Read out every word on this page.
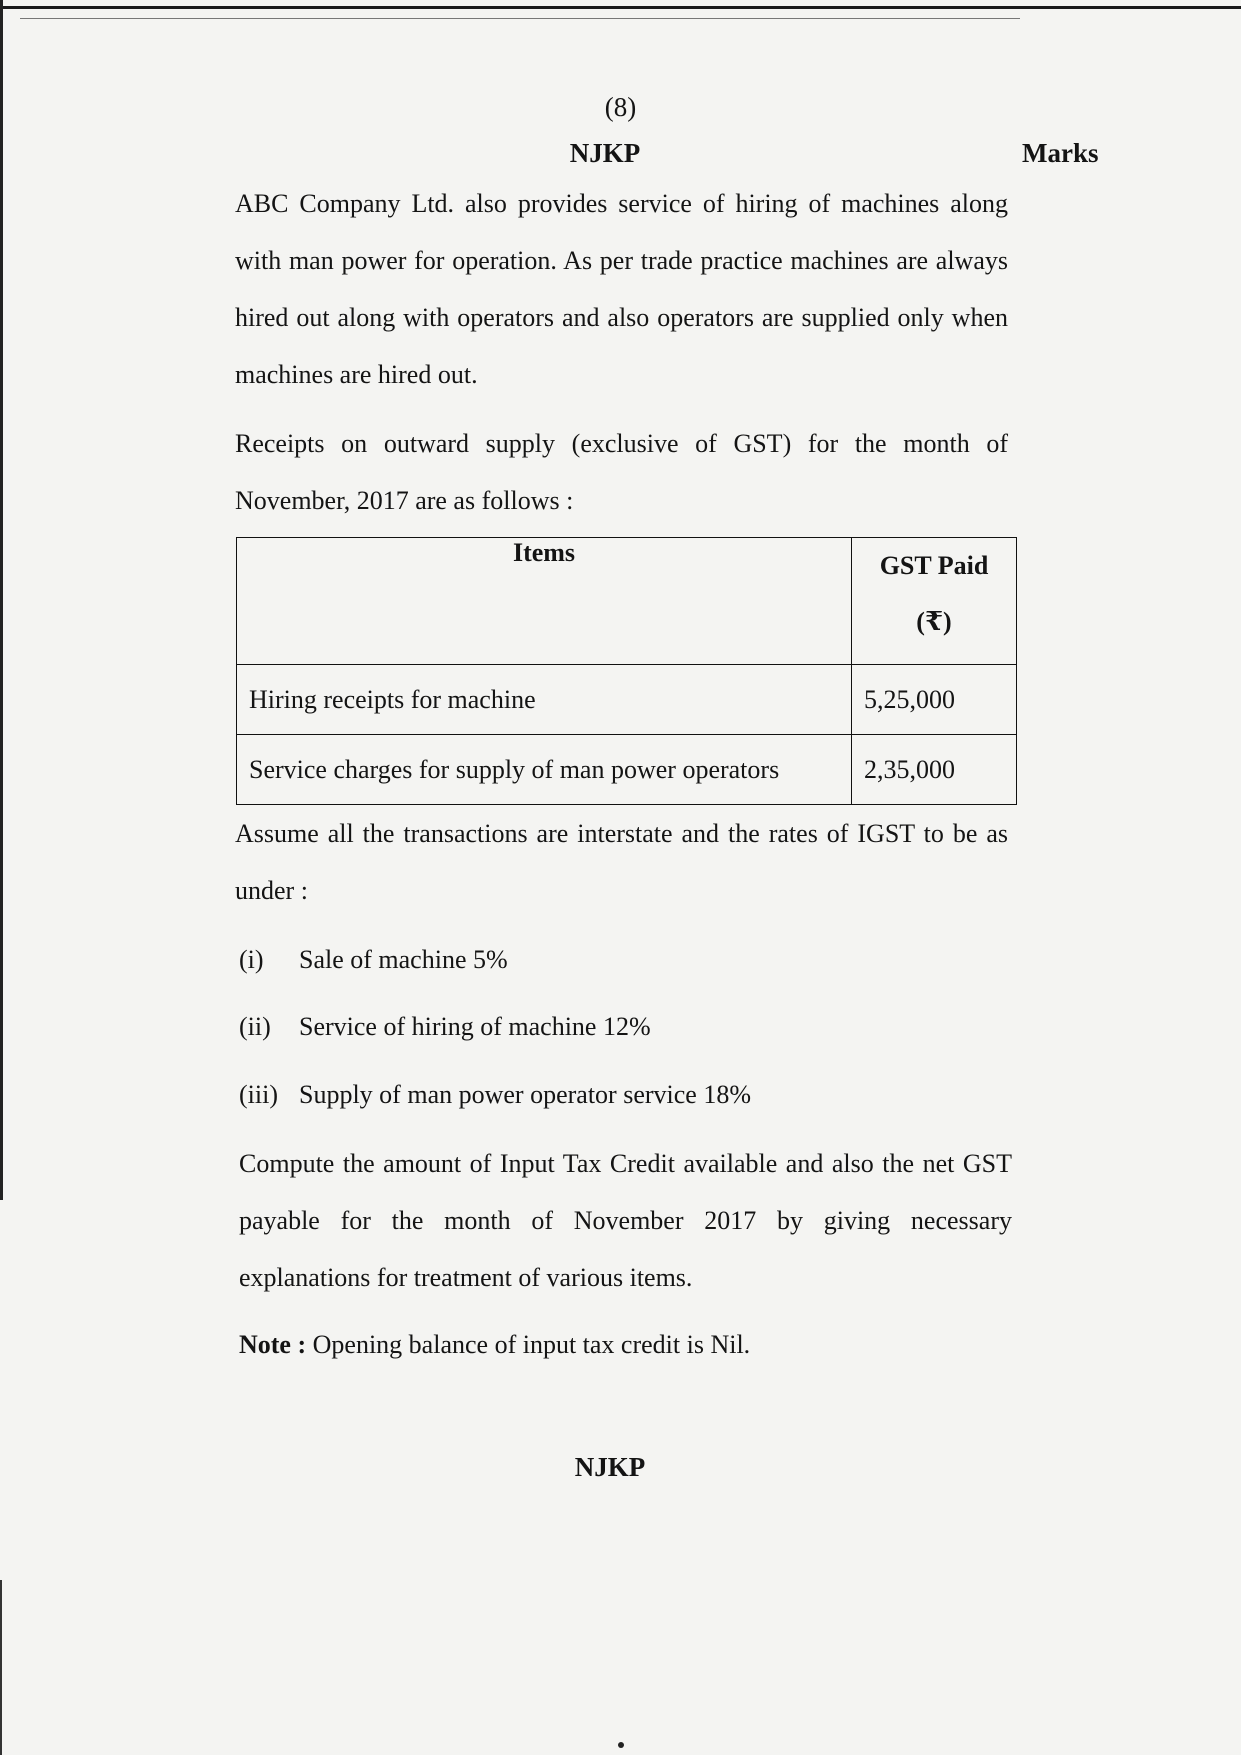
(8)
NJKP	Marks
ABC Company Ltd. also provides service of hiring of machines along with man power for operation. As per trade practice machines are always hired out along with operators and also operators are supplied only when machines are hired out.
Receipts on outward supply (exclusive of GST) for the month of November, 2017 are as follows :
Items	GST Paid
(₹)

Hiring receipts for machine	5,25,000
Service charges for supply of man power operators	2,35,000
Assume all the transactions are interstate and the rates of IGST to be as under :
(i) Sale of machine 5%
(ii) Service of hiring of machine 12%
(iii) Supply of man power operator service 18%
Compute the amount of Input Tax Credit available and also the net GST payable for the month of November 2017 by giving necessary explanations for treatment of various items.
Note : Opening balance of input tax credit is Nil.
NJKP
